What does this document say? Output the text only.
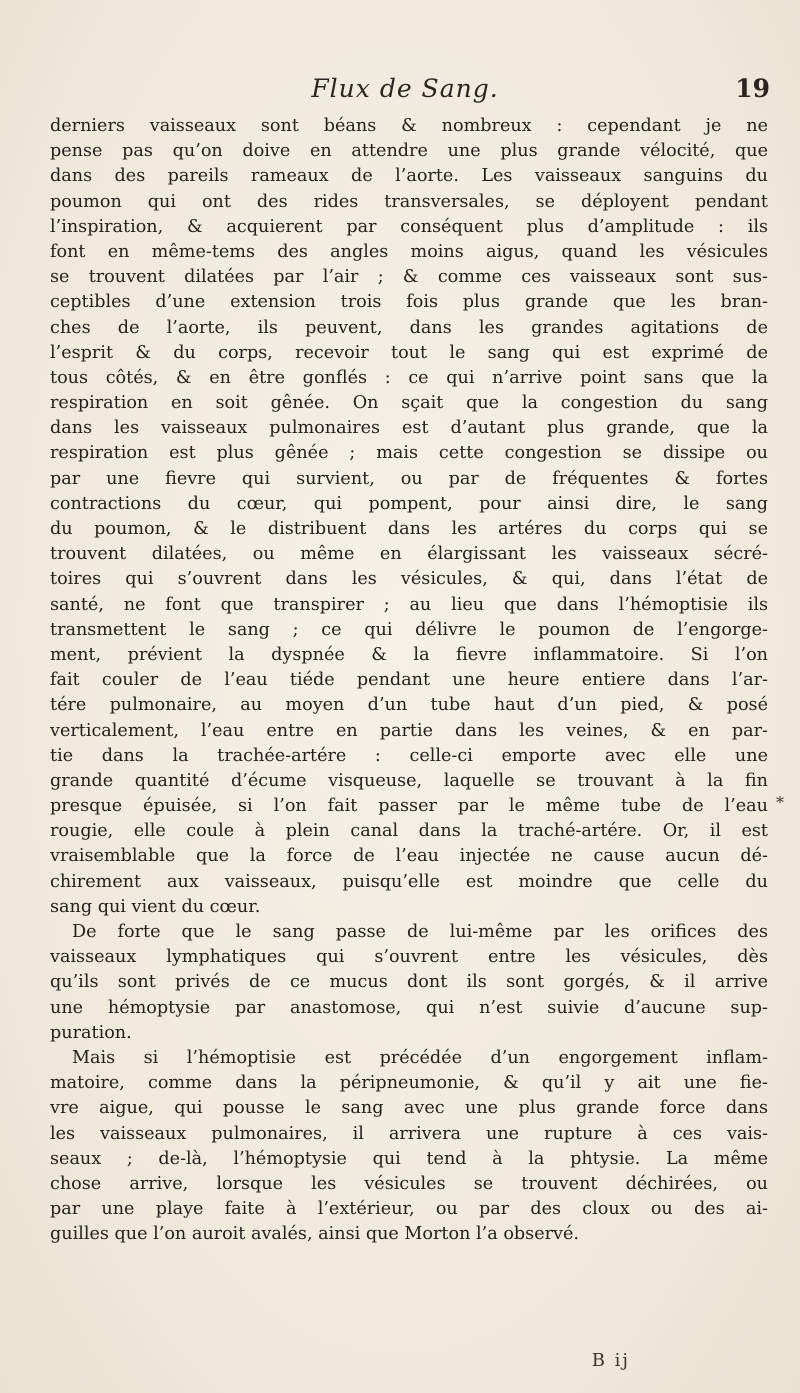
Flux de Sang.	19
derniers vaisseaux sont béans & nombreux : cependant je ne
pense pas qu’on doive en attendre une plus grande vélocité, que
dans des pareils rameaux de l’aorte. Les vaisseaux sanguins du
poumon qui ont des rides transversales, se déployent pendant
l’inspiration, & acquierent par conséquent plus d’amplitude : ils
font en même-tems des angles moins aigus, quand les vésicules
se trouvent dilatées par l’air ; & comme ces vaisseaux sont sus-
ceptibles d’une extension trois fois plus grande que les bran-
ches de l’aorte, ils peuvent, dans les grandes agitations de
l’esprit & du corps, recevoir tout le sang qui est exprimé de
tous côtés, & en être gonflés : ce qui n’arrive point sans que la
respiration en soit gênée. On sçait que la congestion du sang
dans les vaisseaux pulmonaires est d’autant plus grande, que la
respiration est plus gênée ; mais cette congestion se dissipe ou
par une fievre qui survient, ou par de fréquentes & fortes
contractions du cœur, qui pompent, pour ainsi dire, le sang
du poumon, & le distribuent dans les artéres du corps qui se
trouvent dilatées, ou même en élargissant les vaisseaux sécré-
toires qui s’ouvrent dans les vésicules, & qui, dans l’état de
santé, ne font que transpirer ; au lieu que dans l’hémoptisie ils
transmettent le sang ; ce qui délivre le poumon de l’engorge-
ment, prévient la dyspnée & la fievre inflammatoire. Si l’on
fait couler de l’eau tiéde pendant une heure entiere dans l’ar-
tére pulmonaire, au moyen d’un tube haut d’un pied, & posé
verticalement, l’eau entre en partie dans les veines, & en par-
tie dans la trachée-artére : celle-ci emporte avec elle une
grande quantité d’écume visqueuse, laquelle se trouvant à la fin
presque épuisée, si l’on fait passer par le même tube de l’eau
rougie, elle coule à plein canal dans la traché-artére. Or, il est
vraisemblable que la force de l’eau injectée ne cause aucun dé-
chirement aux vaisseaux, puisqu’elle est moindre que celle du
sang qui vient du cœur.
De forte que le sang passe de lui-même par les orifices des
vaisseaux lymphatiques qui s’ouvrent entre les vésicules, dès
qu’ils sont privés de ce mucus dont ils sont gorgés, & il arrive
une hémoptysie par anastomose, qui n’est suivie d’aucune sup-
puration.
Mais si l’hémoptisie est précédée d’un engorgement inflam-
matoire, comme dans la péripneumonie, & qu’il y ait une fie-
vre aigue, qui pousse le sang avec une plus grande force dans
les vaisseaux pulmonaires, il arrivera une rupture à ces vais-
seaux ; de-là, l’hémoptysie qui tend à la phtysie. La même
chose arrive, lorsque les vésicules se trouvent déchirées, ou
par une playe faite à l’extérieur, ou par des cloux ou des ai-
guilles que l’on auroit avalés, ainsi que Morton l’a observé.
*
B ij
